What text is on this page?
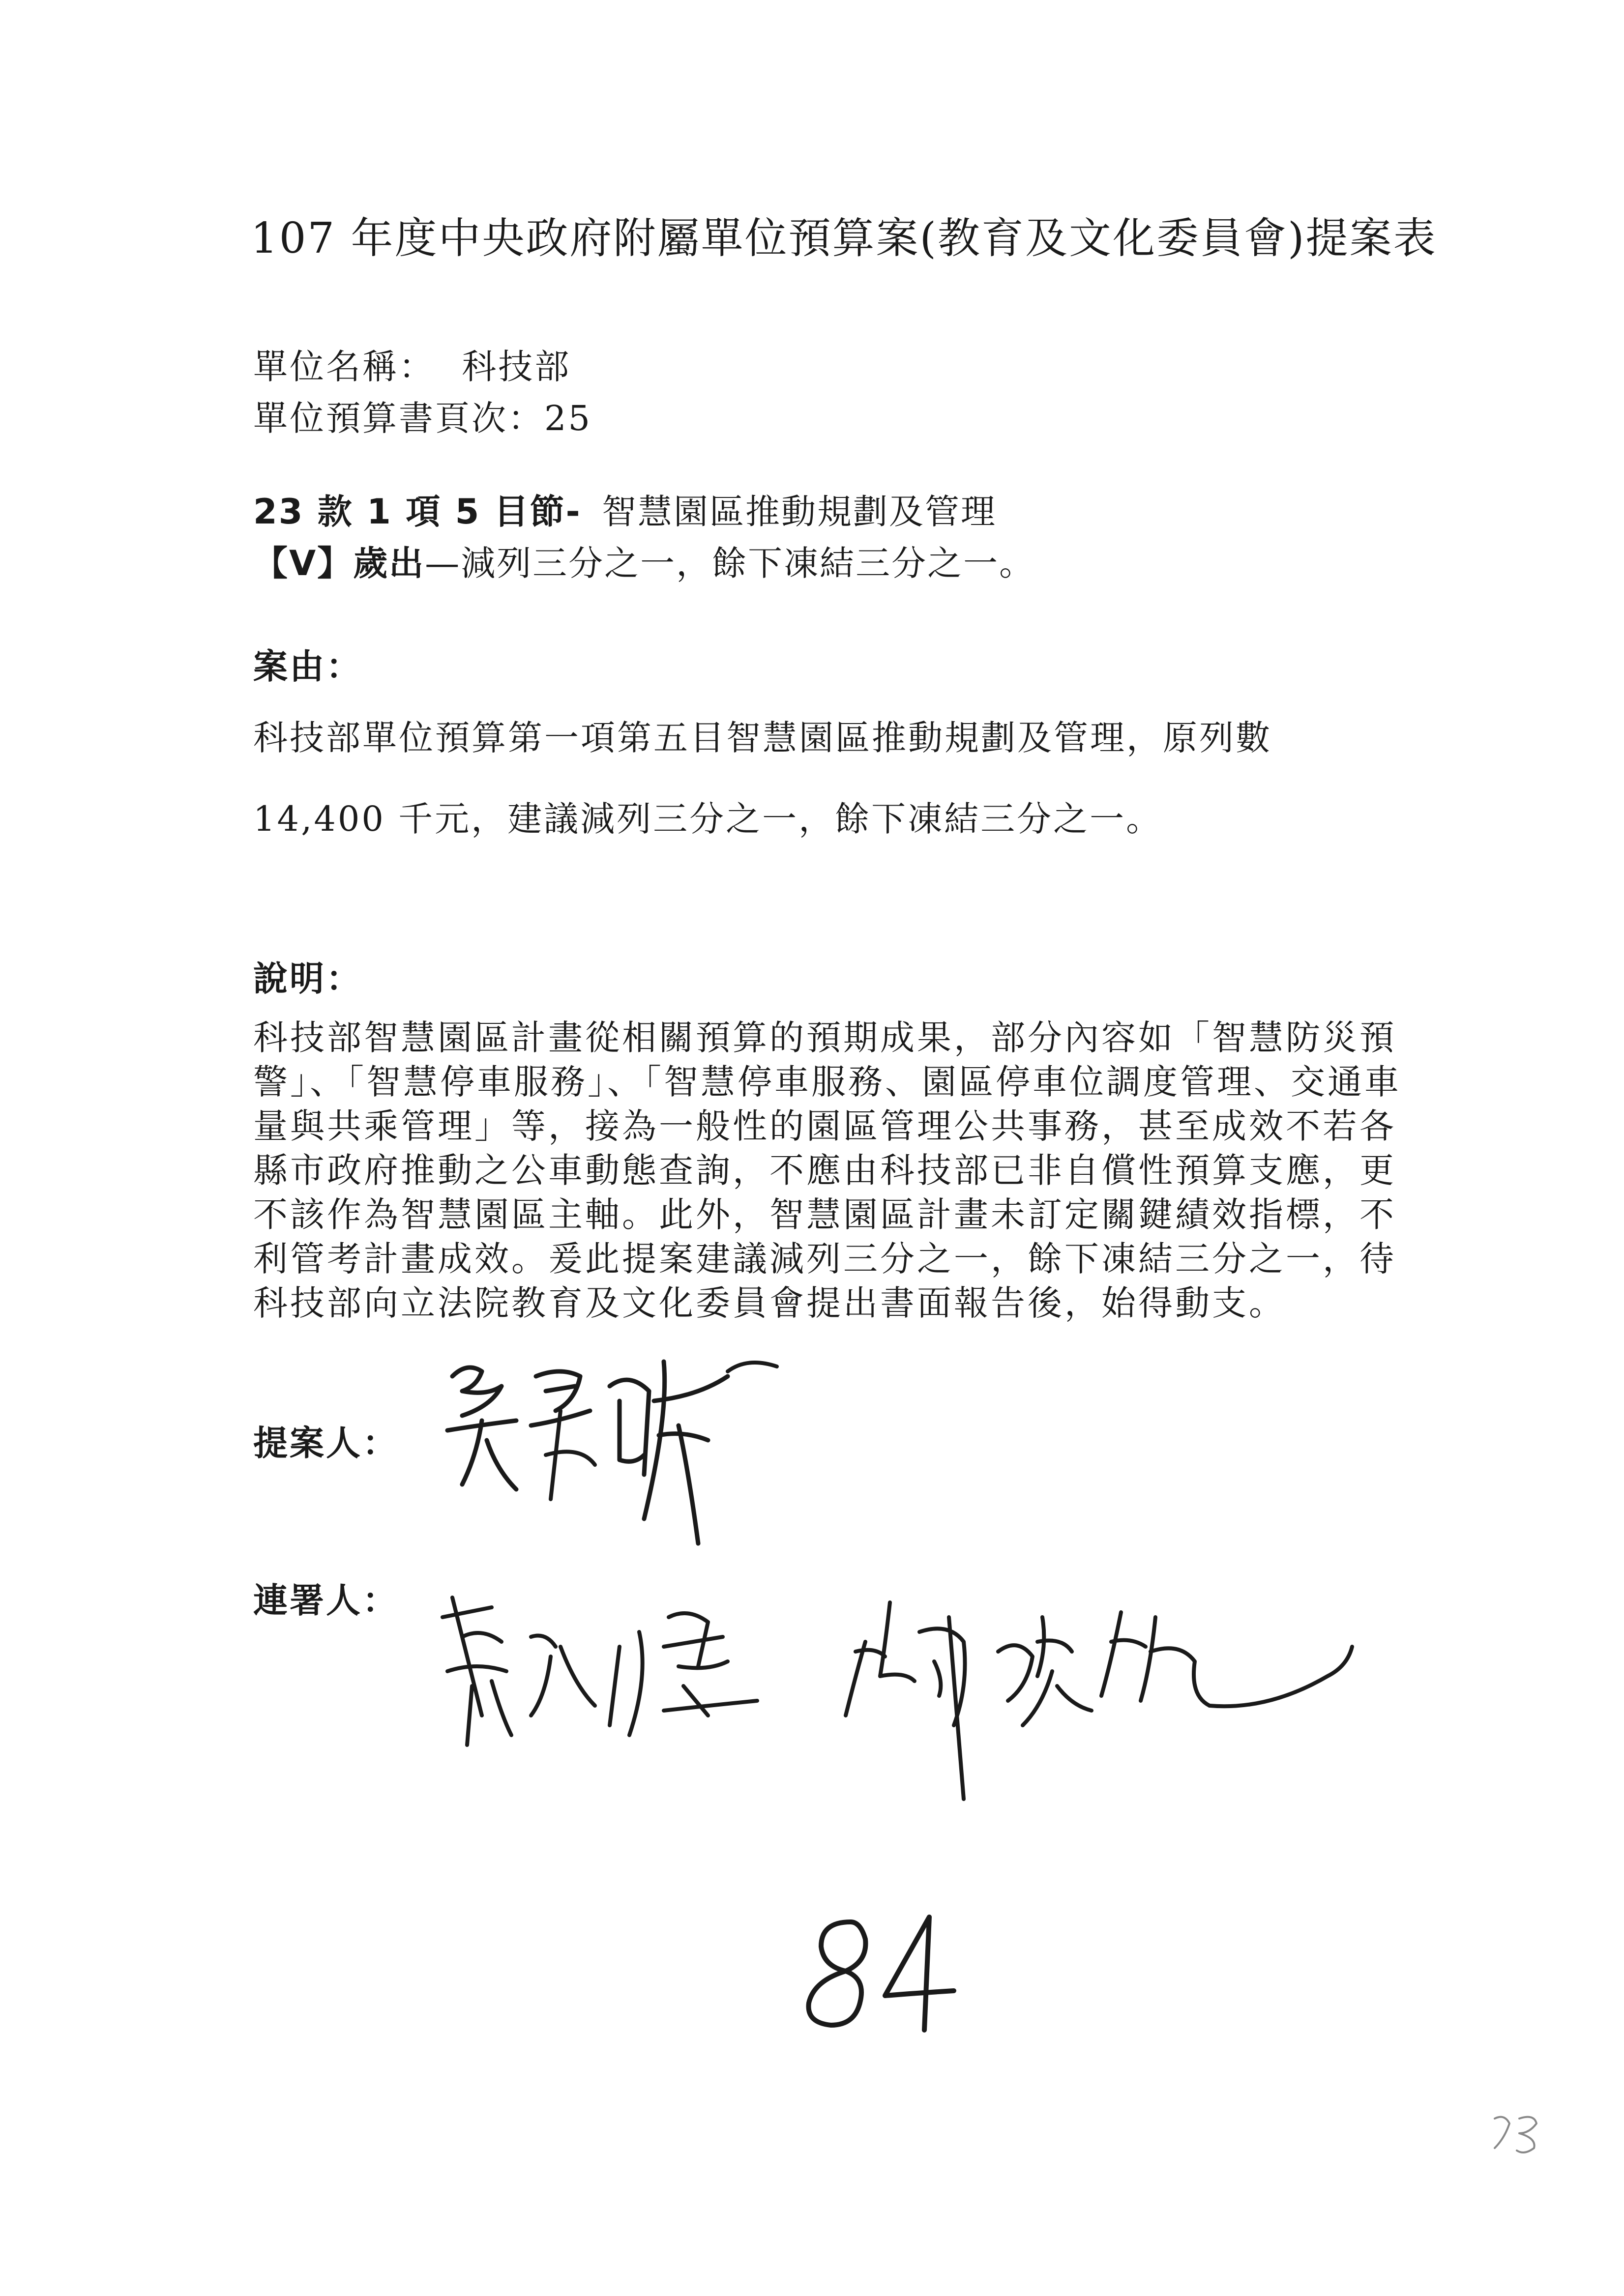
107 年度中央政府附屬單位預算案(教育及文化委員會)提案表
單位名稱： 科技部
單位預算書頁次：25
23 款 1 項 5 目節- 智慧園區推動規劃及管理
【V】歲出—減列三分之一，餘下凍結三分之一。
案由：
科技部單位預算第一項第五目智慧園區推動規劃及管理，原列數
14,400 千元，建議減列三分之一，餘下凍結三分之一。
說明：
科技部智慧園區計畫從相關預算的預期成果，部分內容如「智慧防災預
警」、「智慧停車服務」、「智慧停車服務、園區停車位調度管理、交通車
量與共乘管理」等，接為一般性的園區管理公共事務，甚至成效不若各
縣市政府推動之公車動態查詢，不應由科技部已非自償性預算支應，更
不該作為智慧園區主軸。此外，智慧園區計畫未訂定關鍵績效指標，不
利管考計畫成效。爰此提案建議減列三分之一，餘下凍結三分之一，待
科技部向立法院教育及文化委員會提出書面報告後，始得動支。
提案人：
連署人：
